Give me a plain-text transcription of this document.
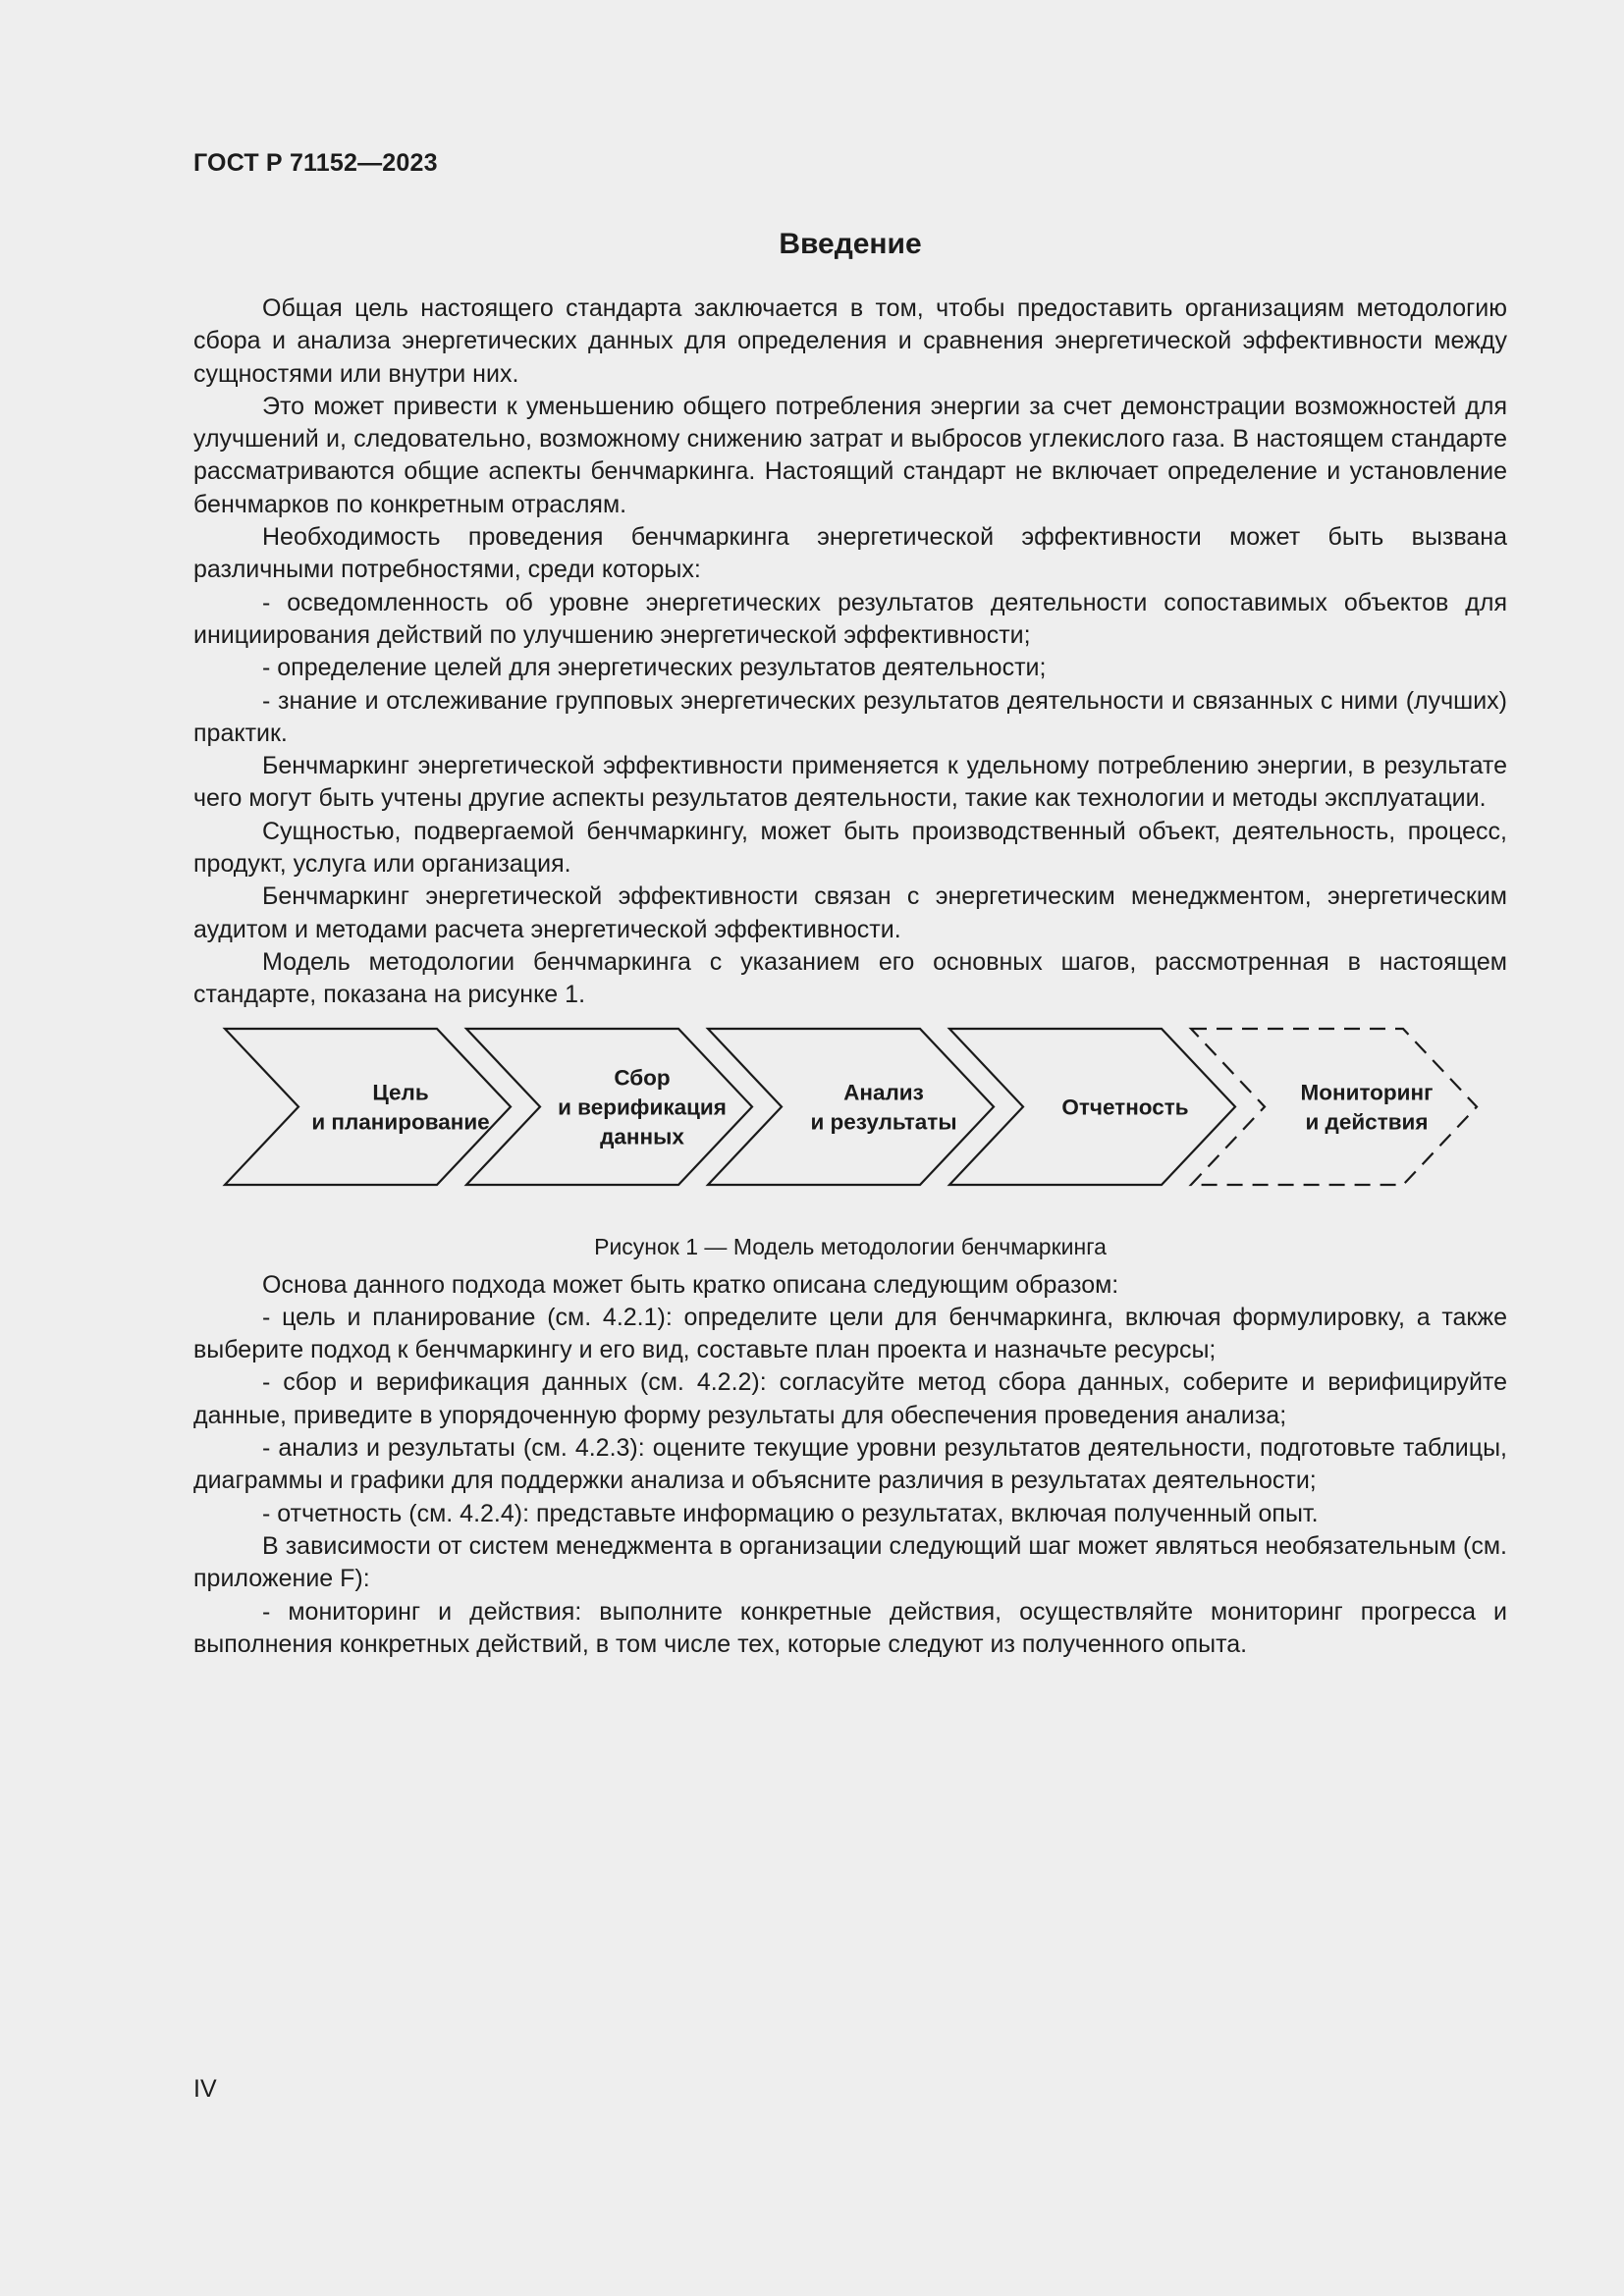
ГОСТ Р 71152—2023
Введение

Общая цель настоящего стандарта заключается в том, чтобы предоставить организациям методологию сбора и анализа энергетических данных для определения и сравнения энергетической эффективности между сущностями или внутри них.

Это может привести к уменьшению общего потребления энергии за счет демонстрации возможностей для улучшений и, следовательно, возможному снижению затрат и выбросов углекислого газа. В настоящем стандарте рассматриваются общие аспекты бенчмаркинга. Настоящий стандарт не включает определение и установление бенчмарков по конкретным отраслям.

Необходимость проведения бенчмаркинга энергетической эффективности может быть вызвана различными потребностями, среди которых:

- осведомленность об уровне энергетических результатов деятельности сопоставимых объектов для инициирования действий по улучшению энергетической эффективности;

- определение целей для энергетических результатов деятельности;

- знание и отслеживание групповых энергетических результатов деятельности и связанных с ними (лучших) практик.

Бенчмаркинг энергетической эффективности применяется к удельному потреблению энергии, в результате чего могут быть учтены другие аспекты результатов деятельности, такие как технологии и методы эксплуатации.

Сущностью, подвергаемой бенчмаркингу, может быть производственный объект, деятельность, процесс, продукт, услуга или организация.

Бенчмаркинг энергетической эффективности связан с энергетическим менеджментом, энергетическим аудитом и методами расчета энергетической эффективности.

Модель методологии бенчмаркинга с указанием его основных шагов, рассмотренная в настоящем стандарте, показана на рисунке 1.

Цель
и планирование
Сбор
и верификация
данных
Анализ
и результаты
Отчетность
Мониторинг
и действия
Рисунок 1 — Модель методологии бенчмаркинга

Основа данного подхода может быть кратко описана следующим образом:

- цель и планирование (см. 4.2.1): определите цели для бенчмаркинга, включая формулировку, а также выберите подход к бенчмаркингу и его вид, составьте план проекта и назначьте ресурсы;

- сбор и верификация данных (см. 4.2.2): согласуйте метод сбора данных, соберите и верифицируйте данные, приведите в упорядоченную форму результаты для обеспечения проведения анализа;

- анализ и результаты (см. 4.2.3): оцените текущие уровни результатов деятельности, подготовьте таблицы, диаграммы и графики для поддержки анализа и объясните различия в результатах деятельности;

- отчетность (см. 4.2.4): представьте информацию о результатах, включая полученный опыт.

В зависимости от систем менеджмента в организации следующий шаг может являться необязательным (см. приложение F):

- мониторинг и действия: выполните конкретные действия, осуществляйте мониторинг прогресса и выполнения конкретных действий, в том числе тех, которые следуют из полученного опыта.

IV
